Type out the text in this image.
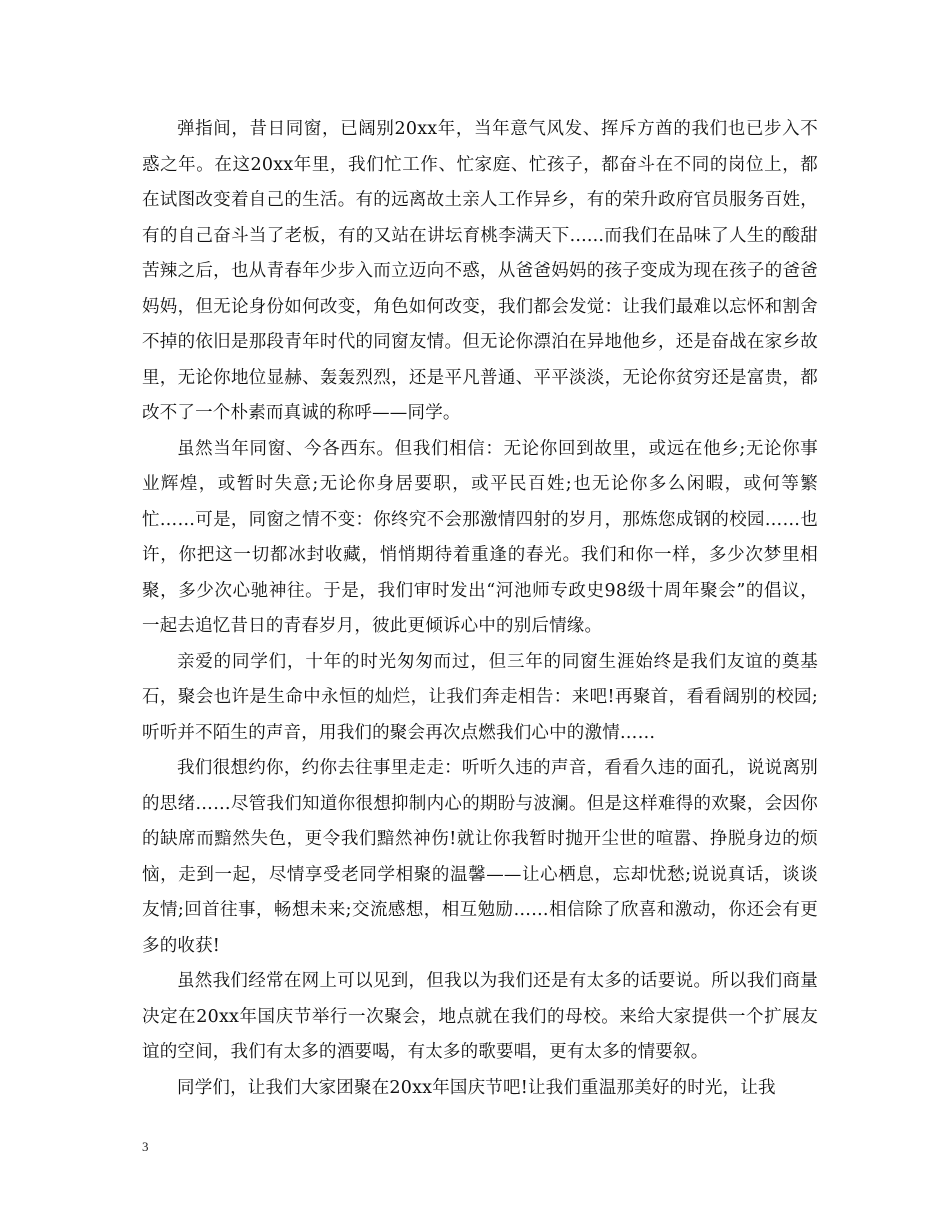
弹指间，昔日同窗，已阔别20xx年，当年意气风发、挥斥方酋的我们也已步入不惑之年。在这20xx年里，我们忙工作、忙家庭、忙孩子，都奋斗在不同的岗位上，都在试图改变着自己的生活。有的远离故土亲人工作异乡，有的荣升政府官员服务百姓，有的自己奋斗当了老板，有的又站在讲坛育桃李满天下......而我们在品味了人生的酸甜苦辣之后，也从青春年少步入而立迈向不惑，从爸爸妈妈的孩子变成为现在孩子的爸爸妈妈，但无论身份如何改变，角色如何改变，我们都会发觉：让我们最难以忘怀和割舍不掉的依旧是那段青年时代的同窗友情。但无论你漂泊在异地他乡，还是奋战在家乡故里，无论你地位显赫、轰轰烈烈，还是平凡普通、平平淡淡，无论你贫穷还是富贵，都改不了一个朴素而真诚的称呼——同学。

虽然当年同窗、今各西东。但我们相信：无论你回到故里，或远在他乡;无论你事业辉煌，或暂时失意;无论你身居要职，或平民百姓;也无论你多么闲暇，或何等繁忙……可是，同窗之情不变：你终究不会那激情四射的岁月，那炼您成钢的校园……也许，你把这一切都冰封收藏，悄悄期待着重逢的春光。我们和你一样，多少次梦里相聚，多少次心驰神往。于是，我们审时发出“河池师专政史98级十周年聚会”的倡议，一起去追忆昔日的青春岁月，彼此更倾诉心中的别后情缘。

亲爱的同学们，十年的时光匆匆而过，但三年的同窗生涯始终是我们友谊的奠基石，聚会也许是生命中永恒的灿烂，让我们奔走相告：来吧!再聚首，看看阔别的校园;听听并不陌生的声音，用我们的聚会再次点燃我们心中的激情……

我们很想约你，约你去往事里走走：听听久违的声音，看看久违的面孔，说说离别的思绪……尽管我们知道你很想抑制内心的期盼与波澜。但是这样难得的欢聚，会因你的缺席而黯然失色，更令我们黯然神伤!就让你我暂时抛开尘世的喧嚣、挣脱身边的烦恼，走到一起，尽情享受老同学相聚的温馨——让心栖息，忘却忧愁;说说真话，谈谈友情;回首往事，畅想未来;交流感想，相互勉励……相信除了欣喜和激动，你还会有更多的收获!

虽然我们经常在网上可以见到，但我以为我们还是有太多的话要说。所以我们商量决定在20xx年国庆节举行一次聚会，地点就在我们的母校。来给大家提供一个扩展友谊的空间，我们有太多的酒要喝，有太多的歌要唱，更有太多的情要叙。

同学们，让我们大家团聚在20xx年国庆节吧!让我们重温那美好的时光，让我

3
